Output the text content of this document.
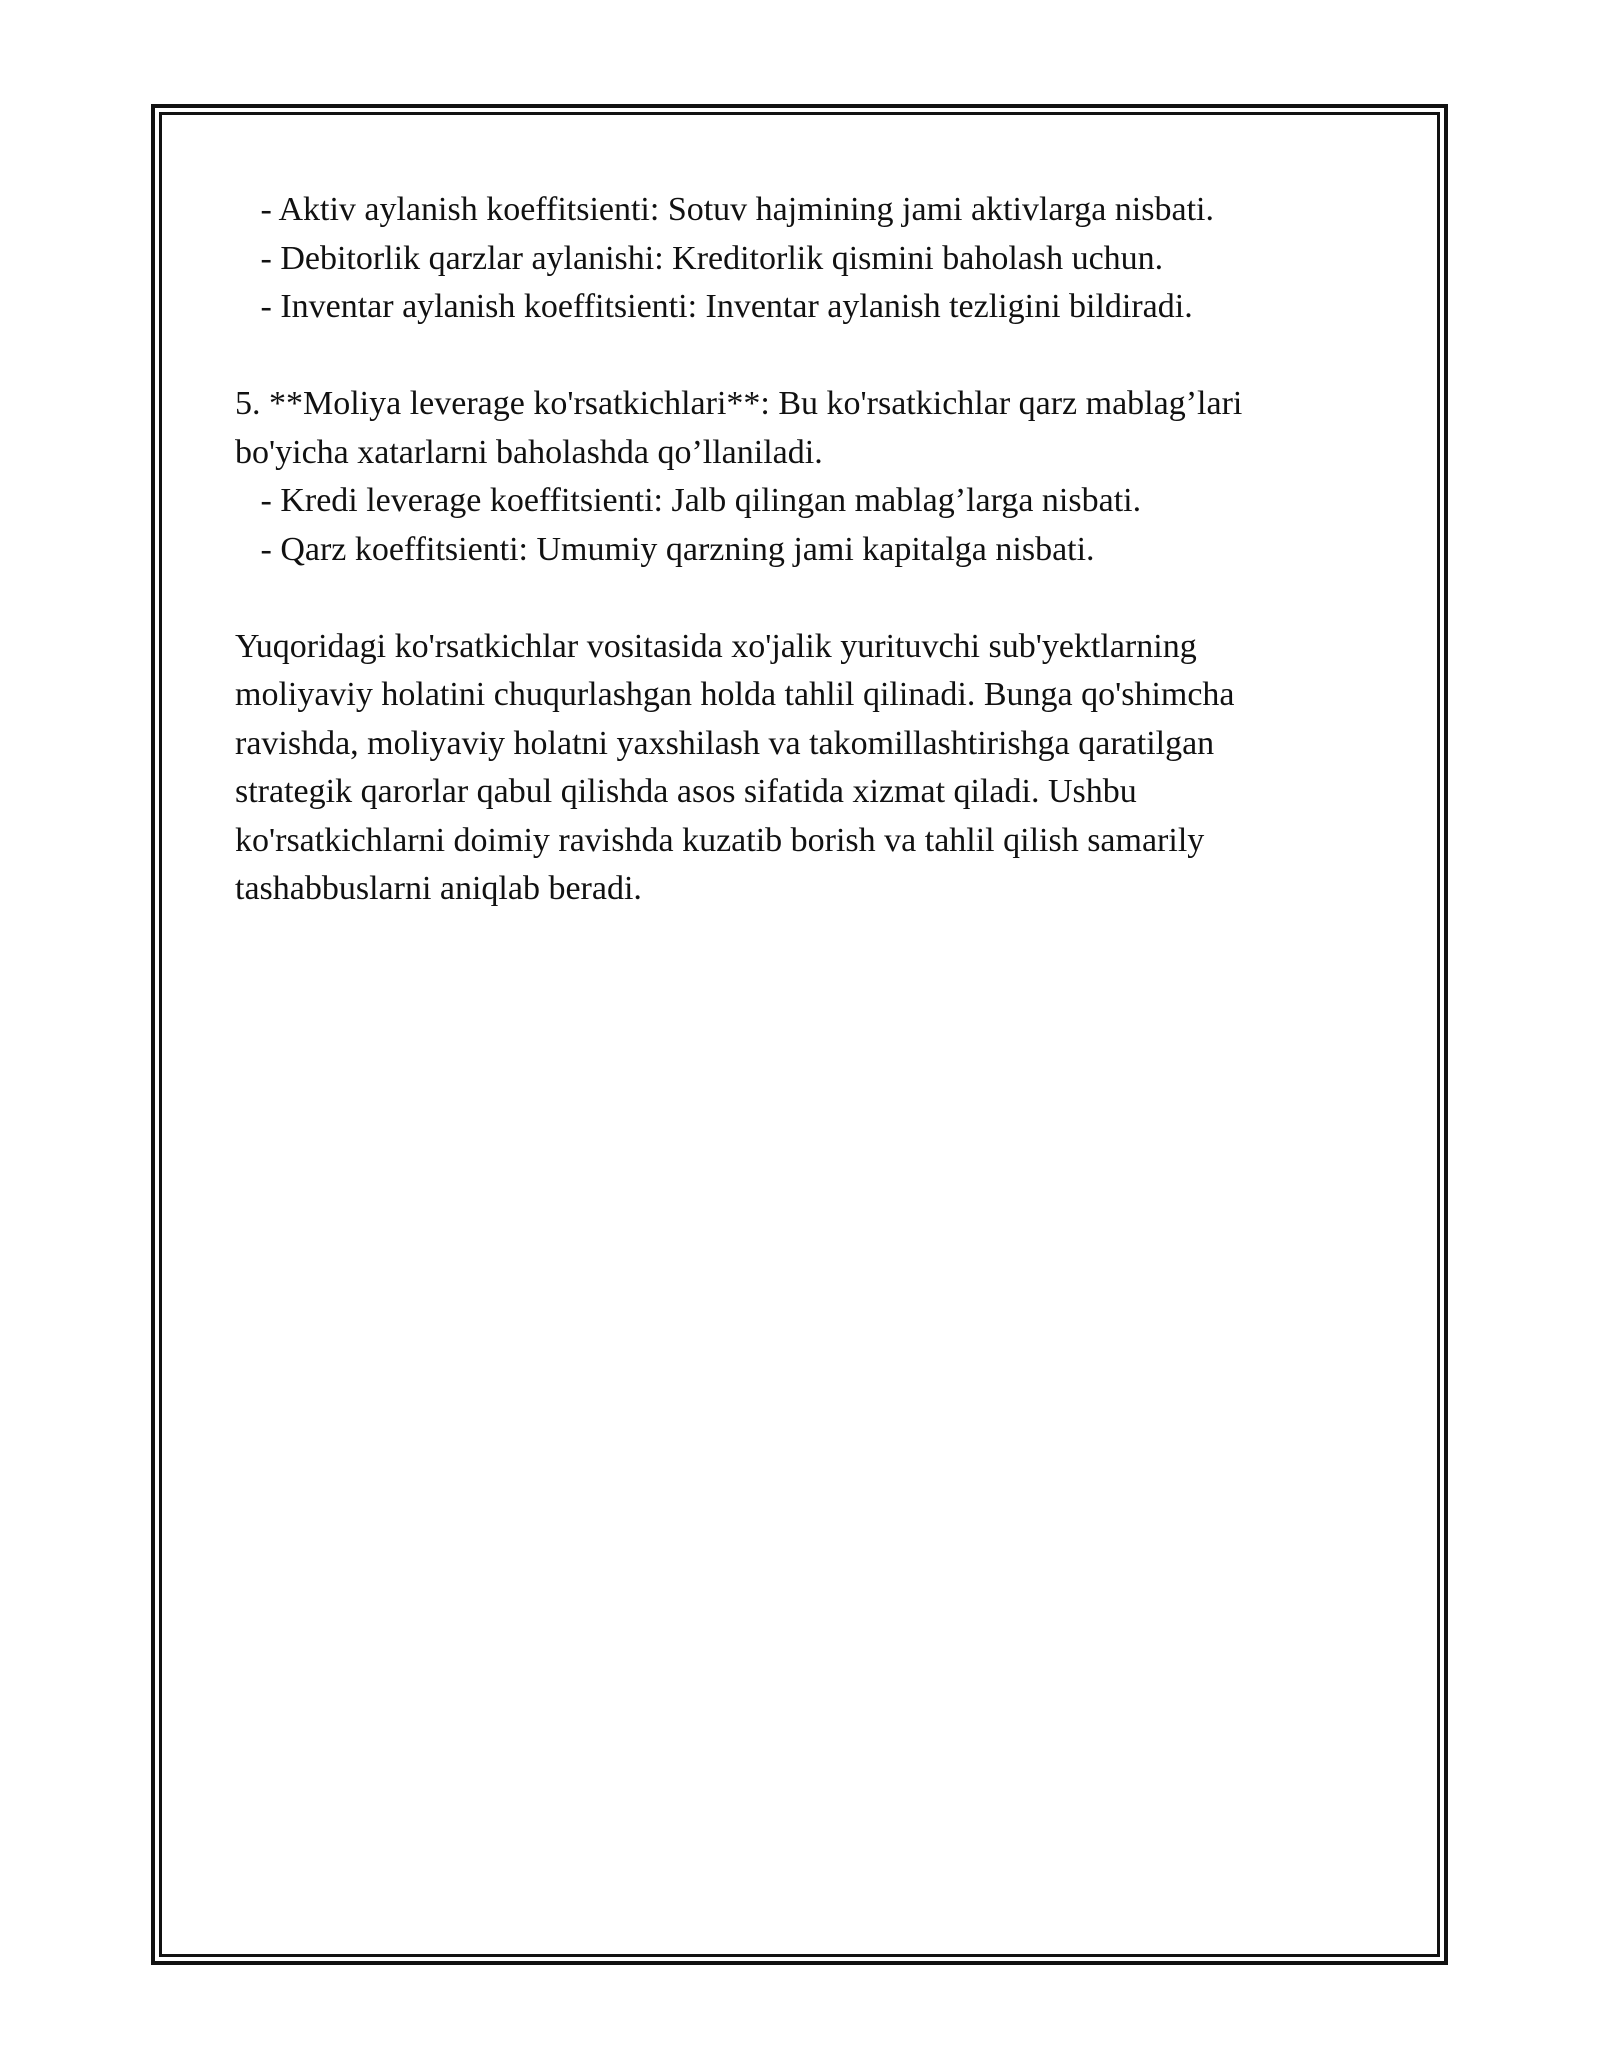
- Aktiv aylanish koeffitsienti: Sotuv hajmining jami aktivlarga nisbati.

- Debitorlik qarzlar aylanishi: Kreditorlik qismini baholash uchun.

- Inventar aylanish koeffitsienti: Inventar aylanish tezligini bildiradi.

5. **Moliya leverage ko'rsatkichlari**: Bu ko'rsatkichlar qarz mablag’lari

bo'yicha xatarlarni baholashda qo’llaniladi.

- Kredi leverage koeffitsienti: Jalb qilingan mablag’larga nisbati.

- Qarz koeffitsienti: Umumiy qarzning jami kapitalga nisbati.

Yuqoridagi ko'rsatkichlar vositasida xo'jalik yurituvchi sub'yektlarning

moliyaviy holatini chuqurlashgan holda tahlil qilinadi. Bunga qo'shimcha

ravishda, moliyaviy holatni yaxshilash va takomillashtirishga qaratilgan

strategik qarorlar qabul qilishda asos sifatida xizmat qiladi. Ushbu

ko'rsatkichlarni doimiy ravishda kuzatib borish va tahlil qilish samarily

tashabbuslarni aniqlab beradi.
